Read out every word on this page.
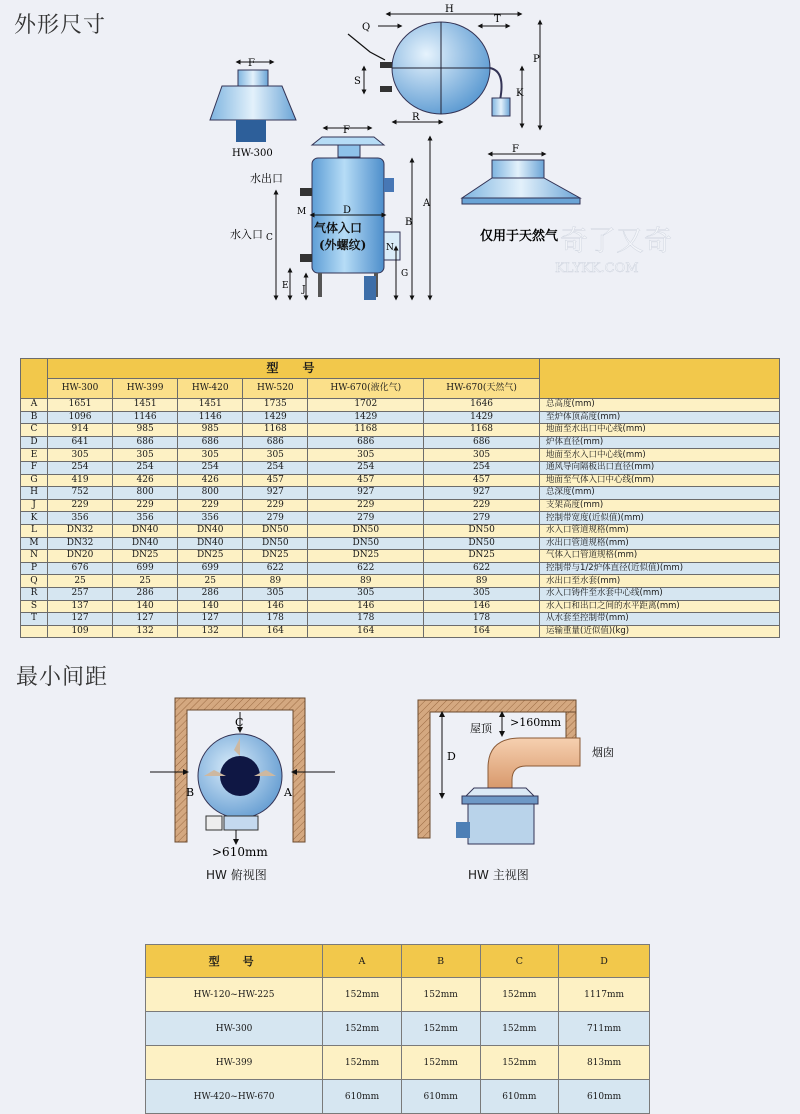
外形尺寸
最小间距
F
HW-300
F
N
D
气体入口
(外螺纹)
水出口
水入口
M
C
E J
B
A
G
H
Q
T
S
R
P
K
F
仅用于天然气 奇了又奇
KLYKK.COM
	型　号						
	HW-300	HW-399	HW-420	HW-520	HW-670(液化气)	HW-670(天然气)	
A	1651	1451	1451	1735	1702	1646	总高度(mm)
B	1096	1146	1146	1429	1429	1429	至炉体顶高度(mm)
C	914	985	985	1168	1168	1168	地面至水出口中心线(mm)
D	641	686	686	686	686	686	炉体直径(mm)
E	305	305	305	305	305	305	地面至水入口中心线(mm)
F	254	254	254	254	254	254	通风导向隔板出口直径(mm)
G	419	426	426	457	457	457	地面至气体入口中心线(mm)
H	752	800	800	927	927	927	总深度(mm)
J	229	229	229	229	229	229	支架高度(mm)
K	356	356	356	279	279	279	控制带宽度(近似值)(mm)
L	DN32	DN40	DN40	DN50	DN50	DN50	水入口管道规格(mm)
M	DN32	DN40	DN40	DN50	DN50	DN50	水出口管道规格(mm)
N	DN20	DN25	DN25	DN25	DN25	DN25	气体入口管道规格(mm)
P	676	699	699	622	622	622	控制带与1/2炉体直径(近似值)(mm)
Q	25	25	25	89	89	89	水出口至水套(mm)
R	257	286	286	305	305	305	水入口铸件至水套中心线(mm)
S	137	140	140	146	146	146	水入口和出口之间的水平距离(mm)
T	127	127	127	178	178	178	从水套至控制带(mm)
	109	132	132	164	164	164	运输重量(近似值)(kg)
B	A
C
>610mm
D
屋顶 >160mm
烟囱
HW 俯视图	HW 主视图
型　号	A	B	C	D
HW-120~HW-225	152mm	152mm	152mm	1117mm
HW-300	152mm	152mm	152mm	711mm
HW-399	152mm	152mm	152mm	813mm
HW-420~HW-670	610mm	610mm	610mm	610mm
